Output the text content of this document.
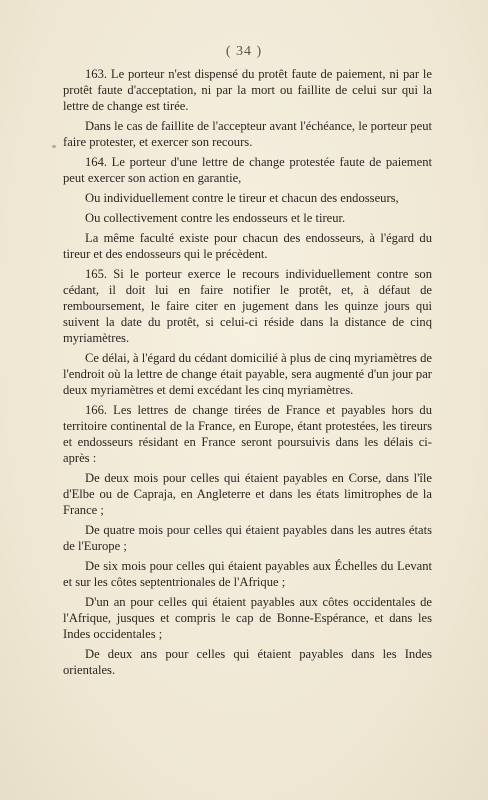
( 34 )

163. Le porteur n'est dispensé du protêt faute de paiement, ni par le protêt faute d'acceptation, ni par la mort ou faillite de celui sur qui la lettre de change est tirée.

Dans le cas de faillite de l'accepteur avant l'échéance, le porteur peut faire protester, et exercer son recours.

164. Le porteur d'une lettre de change protestée faute de paiement peut exercer son action en garantie,

Ou individuellement contre le tireur et chacun des endosseurs,

Ou collectivement contre les endosseurs et le tireur.

La même faculté existe pour chacun des endosseurs, à l'égard du tireur et des endosseurs qui le précèdent.

165. Si le porteur exerce le recours individuellement contre son cédant, il doit lui en faire notifier le protêt, et, à défaut de remboursement, le faire citer en jugement dans les quinze jours qui suivent la date du protêt, si celui-ci réside dans la distance de cinq myriamètres.

Ce délai, à l'égard du cédant domicilié à plus de cinq myriamètres de l'endroit où la lettre de change était payable, sera augmenté d'un jour par deux myriamètres et demi excédant les cinq myriamètres.

166. Les lettres de change tirées de France et payables hors du territoire continental de la France, en Europe, étant protestées, les tireurs et endosseurs résidant en France seront poursuivis dans les délais ci-après :

De deux mois pour celles qui étaient payables en Corse, dans l'île d'Elbe ou de Capraja, en Angleterre et dans les états limitrophes de la France ;

De quatre mois pour celles qui étaient payables dans les autres états de l'Europe ;

De six mois pour celles qui étaient payables aux Échelles du Levant et sur les côtes septentrionales de l'Afrique ;

D'un an pour celles qui étaient payables aux côtes occidentales de l'Afrique, jusques et compris le cap de Bonne-Espérance, et dans les Indes occidentales ;

De deux ans pour celles qui étaient payables dans les Indes orientales.
